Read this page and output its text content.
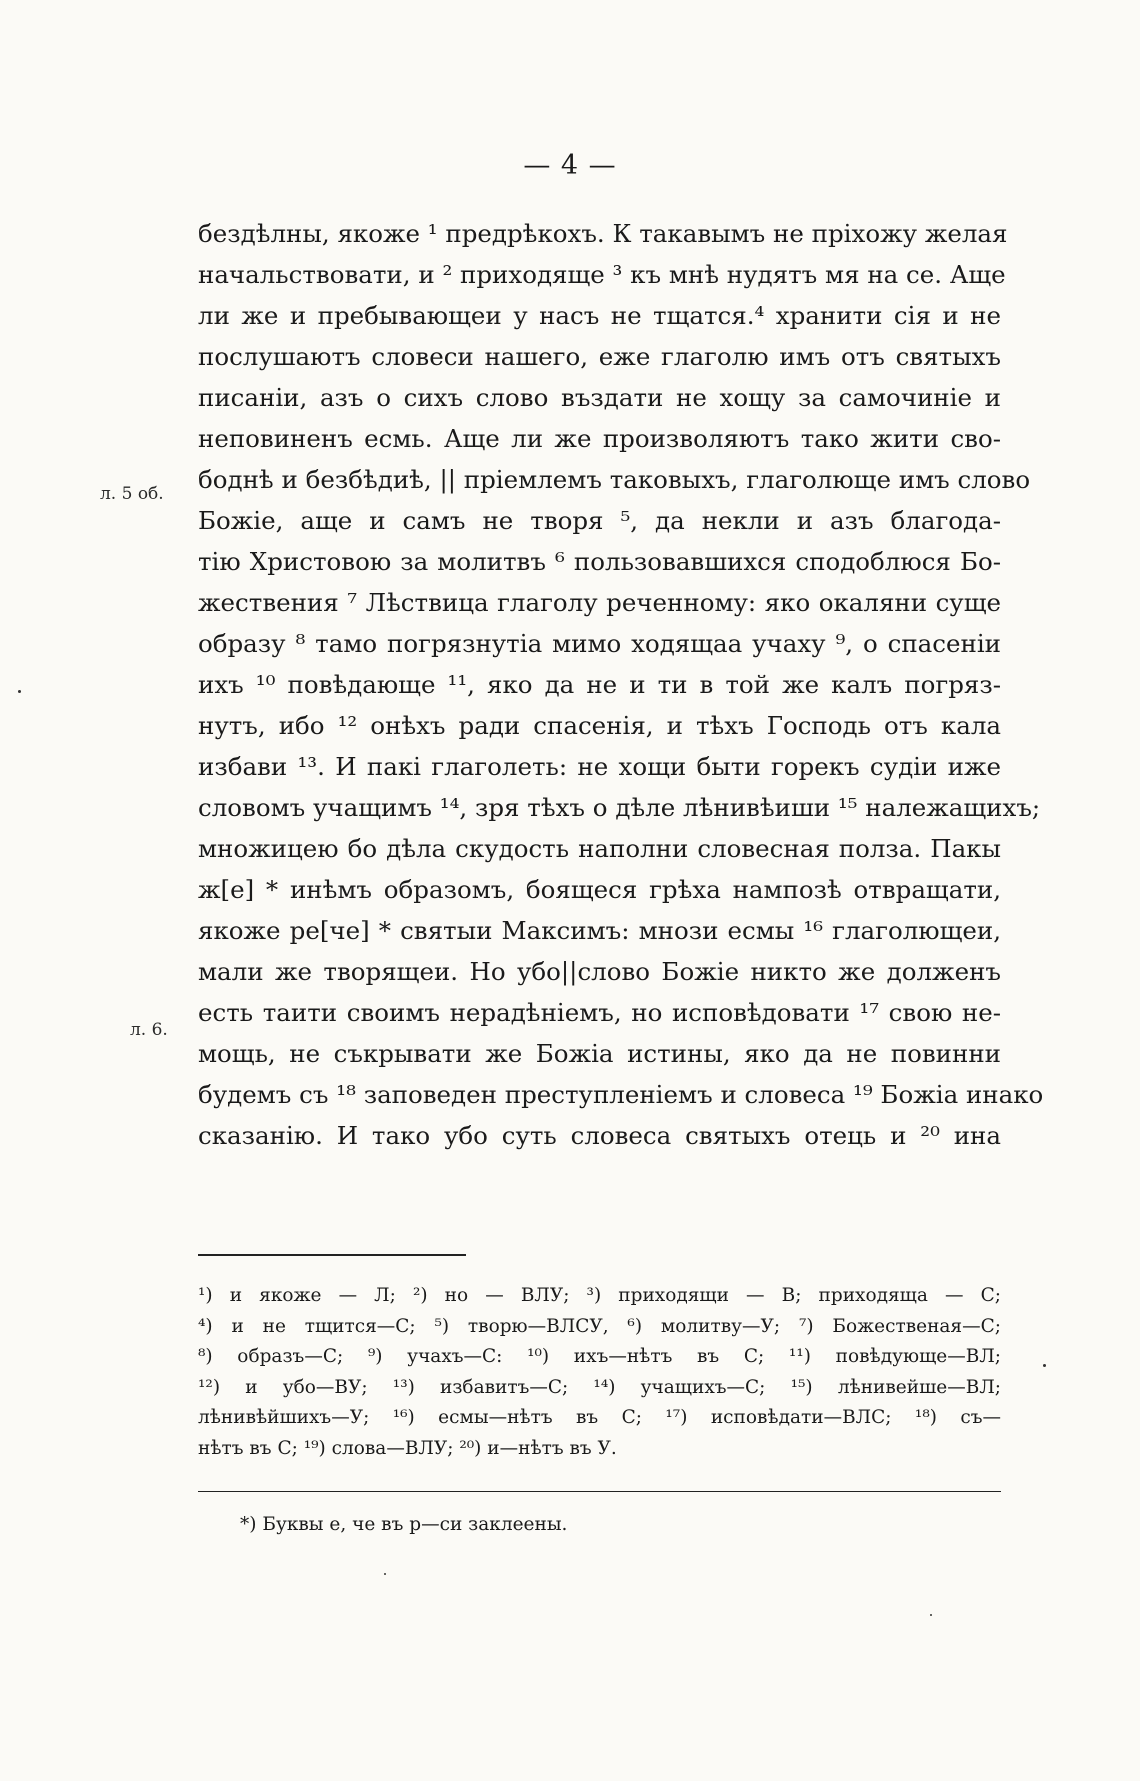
— 4 —
л. 5 об.
л. 6.
бездѣлны, якоже ¹ предрѣкохъ. К такавымъ не пріхожу желая
начальствовати, и ² приходяще ³ къ мнѣ нудятъ мя на се. Аще
ли же и пребывающеи у насъ не тщатся.⁴ хранити сія и не
послушаютъ словеси нашего, еже глаголю имъ отъ святыхъ
писанiи, азъ о сихъ слово въздати не хощу за самочиніе и
неповиненъ есмь. Аще ли же произволяютъ тако жити сво-
боднѣ и безбѣдиѣ, || пріемлемъ таковыхъ, глаголюще имъ слово
Божіе, аще и самъ не творя ⁵, да некли и азъ благода-
тію Христовою за молитвъ ⁶ пользовавшихся сподоблюся Бо-
жествения ⁷ Лѣствица глаголу реченному: яко окаляни суще
образу ⁸ тамо погрязнутіа мимо ходящаа учаху ⁹, о спасеніи
ихъ ¹⁰ повѣдающе ¹¹, яко да не и ти в той же калъ погряз-
нутъ, ибо ¹² онѣхъ ради спасенія, и тѣхъ Господь отъ кала
избави ¹³. И пакі глаголеть: не хощи быти горекъ судіи иже
словомъ учащимъ ¹⁴, зря тѣхъ о дѣле лѣнивѣиши ¹⁵ належащихъ;
множицею бо дѣла скудость наполни словесная полза. Пакы
ж[е] * инѣмъ образомъ, боящеся грѣха нампозѣ отвращати,
якоже ре[че] * святыи Максимъ: мнози есмы ¹⁶ глаголющеи,
мали же творящеи. Но убо||слово Божіе никто же долженъ
есть таити своимъ нерадѣніемъ, но исповѣдовати ¹⁷ свою не-
мощь, не съкрывати же Божіа истины, яко да не повинни
будемъ съ ¹⁸ заповеден преступленіемъ и словеса ¹⁹ Божіа инако
сказанію. И тако убо суть словеса святыхъ отець и ²⁰ ина
¹) и якоже — Л; ²) но — ВЛУ; ³) приходящи — В; приходяща — С;
⁴) и не тщится—С; ⁵) творю—ВЛСУ, ⁶) молитву—У; ⁷) Божественая—С;
⁸) образъ—С; ⁹) учахъ—С: ¹⁰) ихъ—нѣтъ въ С; ¹¹) повѣдующе—ВЛ;
¹²) и убо—ВУ; ¹³) избавитъ—С; ¹⁴) учащихъ—С; ¹⁵) лѣнивейше—ВЛ;
лѣнивѣйшихъ—У; ¹⁶) есмы—нѣтъ въ С; ¹⁷) исповѣдати—ВЛС; ¹⁸) съ—
нѣтъ въ С; ¹⁹) слова—ВЛУ; ²⁰) и—нѣтъ въ У.
*) Буквы е, че въ р—си заклеены.
